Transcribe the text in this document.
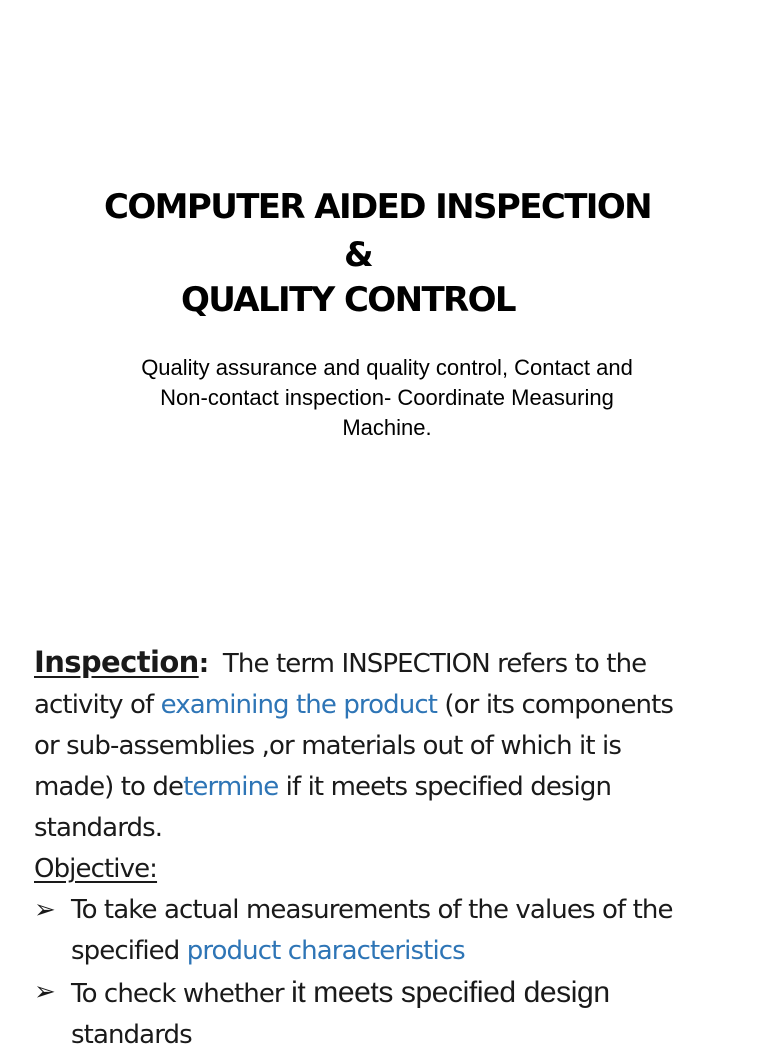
COMPUTER AIDED INSPECTION
&
QUALITY CONTROL
Quality assurance and quality control, Contact and
Non-contact inspection- Coordinate Measuring
Machine.
Inspection:  The term INSPECTION refers to the
activity of examining the product (or its components
or sub-assemblies ,or materials out of which it is
made) to determine if it meets specified design
standards.
Objective:
➢ To take actual measurements of the values of the
specified product characteristics
➢ To check whether it meets specified design
standards
